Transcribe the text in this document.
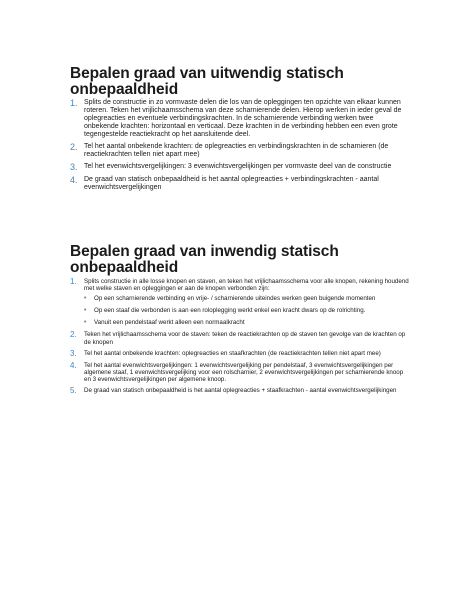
Bepalen graad van uitwendig statisch onbepaaldheid
1. Splits de constructie in zo vormvaste delen die los van de opleggingen ten opzichte van elkaar kunnen roteren. Teken het vrijlichaamsschema van deze scharnierende delen. Hierop werken in ieder geval de oplegreacties en eventuele verbindingskrachten. In de scharnierende verbinding werken twee onbekende krachten: horizontaal en verticaal. Deze krachten in de verbinding hebben een even grote tegengestelde reactiekracht op het aansluitende deel.
2. Tel het aantal onbekende krachten: de oplegreacties en verbindingskrachten in de scharnieren (de reactiekrachten tellen niet apart mee)
3. Tel het evenwichtsvergelijkingen: 3 evenwichtsvergelijkingen per vormvaste deel van de constructie
4. De graad van statisch onbepaaldheid is het aantal oplegreacties + verbindingskrachten - aantal evenwichtsvergelijkingen
Bepalen graad van inwendig statisch onbepaaldheid
1.	Splits constructie in alle losse knopen en staven, en teken het vrijlichaamsschema voor alle knopen, rekening houdend met welke staven en opleggingen er aan de knopen verbonden zijn:
•	Op een scharnierende verbinding en vrije- / scharnierende uiteindes werken geen buigende momenten
•	Op een staaf die verbonden is aan een roloplegging werkt enkel een kracht dwars op de rolrichting.
•	Vanuit een pendelstaaf werkt alleen een normaalkracht
2.	Teken het vrijlichaamsschema voor de staven: teken de reactiekrachten op de staven ten gevolge van de krachten op de knopen
3.	Tel het aantal onbekende krachten: oplegreacties en staafkrachten (de reactiekrachten tellen niet apart mee)
4.	Tel het aantal evenwichtsvergelijkingen: 1 evenwichtsvergelijking per pendelstaaf, 3 evenwichtsvergelijkingen per algemene staaf, 1 evenwichtsvergelijking voor een rolscharnier, 2 evenwichtsvergelijkingen per scharnierende knoop en 3 evenwichtsvergelijkingen per algemene knoop.
5.	De graad van statisch onbepaaldheid is het aantal oplegreacties + staafkrachten - aantal evenwichtsvergelijkingen
